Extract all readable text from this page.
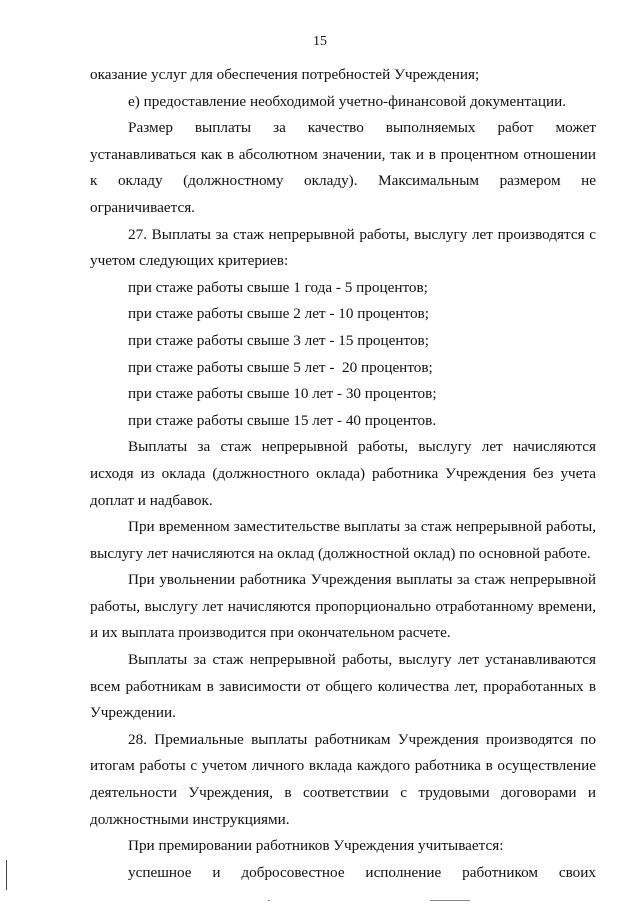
15

оказание услуг для обеспечения потребностей Учреждения;

е) предоставление необходимой учетно-финансовой документации.

Размер выплаты за качество выполняемых работ может устанавливаться как в абсолютном значении, так и в процентном отношении к окладу (должностному окладу). Максимальным размером не ограничивается.

27. Выплаты за стаж непрерывной работы, выслугу лет производятся с учетом следующих критериев:

при стаже работы свыше 1 года - 5 процентов;

при стаже работы свыше 2 лет - 10 процентов;

при стаже работы свыше 3 лет - 15 процентов;

при стаже работы свыше 5 лет -  20 процентов;

при стаже работы свыше 10 лет - 30 процентов;

при стаже работы свыше 15 лет - 40 процентов.

Выплаты за стаж непрерывной работы, выслугу лет начисляются исходя из оклада (должностного оклада) работника Учреждения без учета доплат и надбавок.

При временном заместительстве выплаты за стаж непрерывной работы, выслугу лет начисляются на оклад (должностной оклад) по основной работе.

При увольнении работника Учреждения выплаты за стаж непрерывной работы, выслугу лет начисляются пропорционально отработанному времени, и их выплата производится при окончательном расчете.

Выплаты за стаж непрерывной работы, выслугу лет устанавливаются всем работникам в зависимости от общего количества лет, проработанных в Учреждении.

28. Премиальные выплаты работникам Учреждения производятся по итогам работы с учетом личного вклада каждого работника в осуществление деятельности Учреждения, в соответствии с трудовыми договорами и должностными инструкциями.

При премировании работников Учреждения учитывается:

успешное и добросовестное исполнение работником своих
